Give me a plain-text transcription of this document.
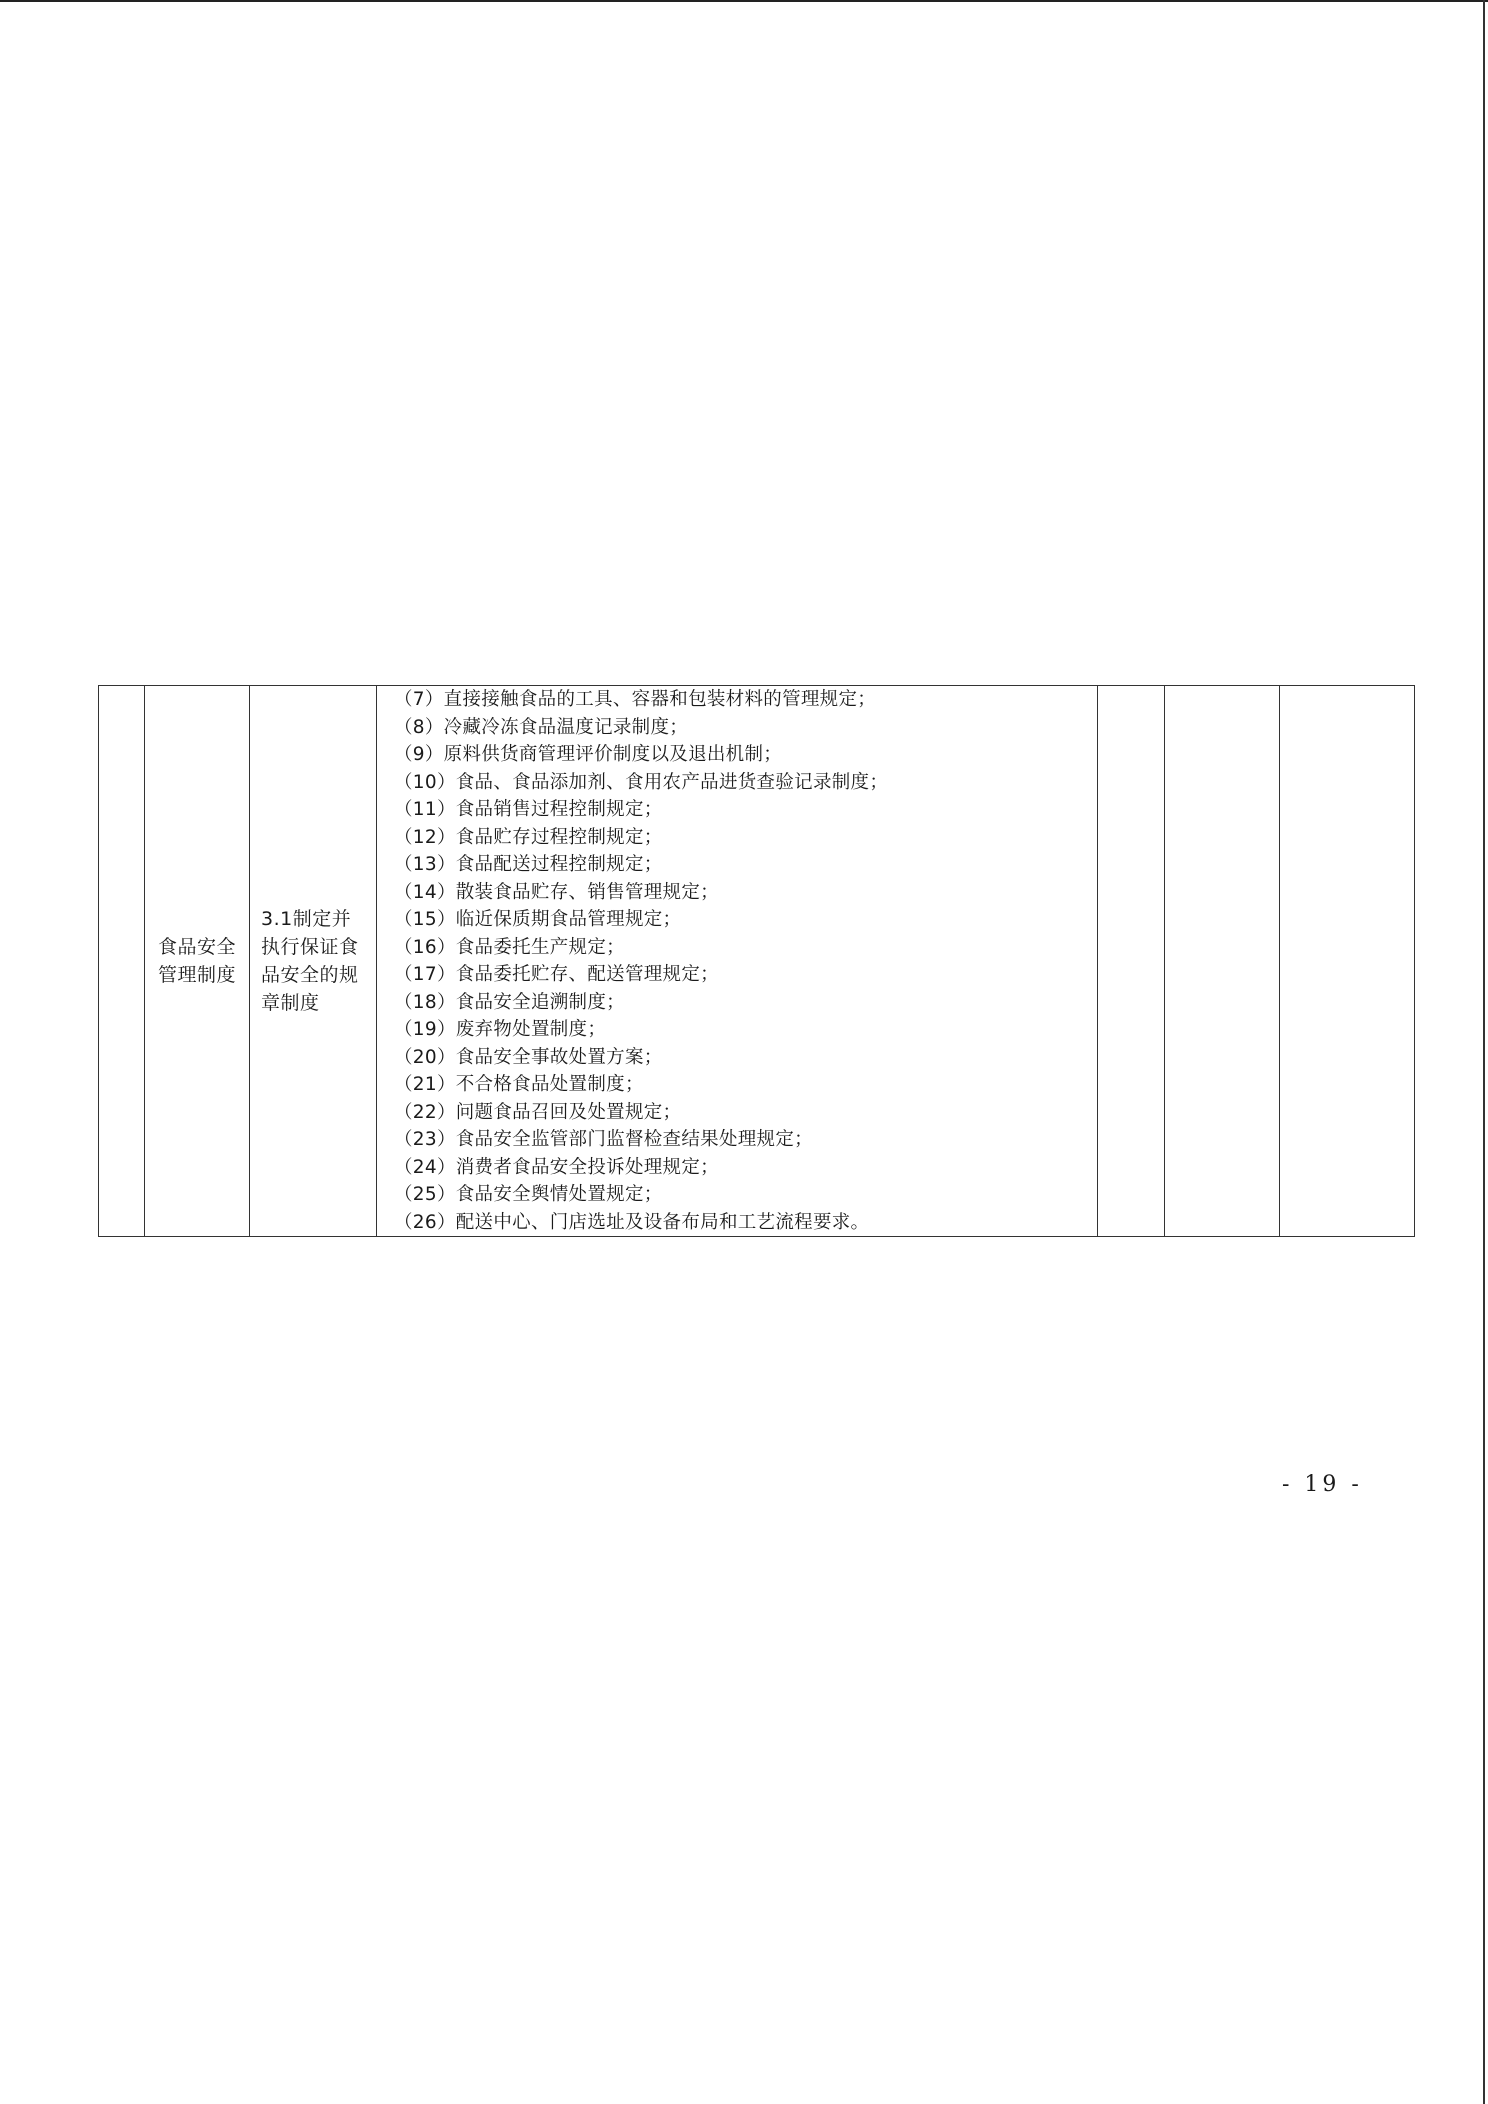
食品安全管理制度

3.1制定并执行保证食品安全的规章制度

（7）直接接触食品的工具、容器和包装材料的管理规定；
（8）冷藏冷冻食品温度记录制度；
（9）原料供货商管理评价制度以及退出机制；
（10）食品、食品添加剂、食用农产品进货查验记录制度；
（11）食品销售过程控制规定；
（12）食品贮存过程控制规定；
（13）食品配送过程控制规定；
（14）散装食品贮存、销售管理规定；
（15）临近保质期食品管理规定；
（16）食品委托生产规定；
（17）食品委托贮存、配送管理规定；
（18）食品安全追溯制度；
（19）废弃物处置制度；
（20）食品安全事故处置方案；
（21）不合格食品处置制度；
（22）问题食品召回及处置规定；
（23）食品安全监管部门监督检查结果处理规定；
（24）消费者食品安全投诉处理规定；
（25）食品安全舆情处置规定；
（26）配送中心、门店选址及设备布局和工艺流程要求。

- 19 -
